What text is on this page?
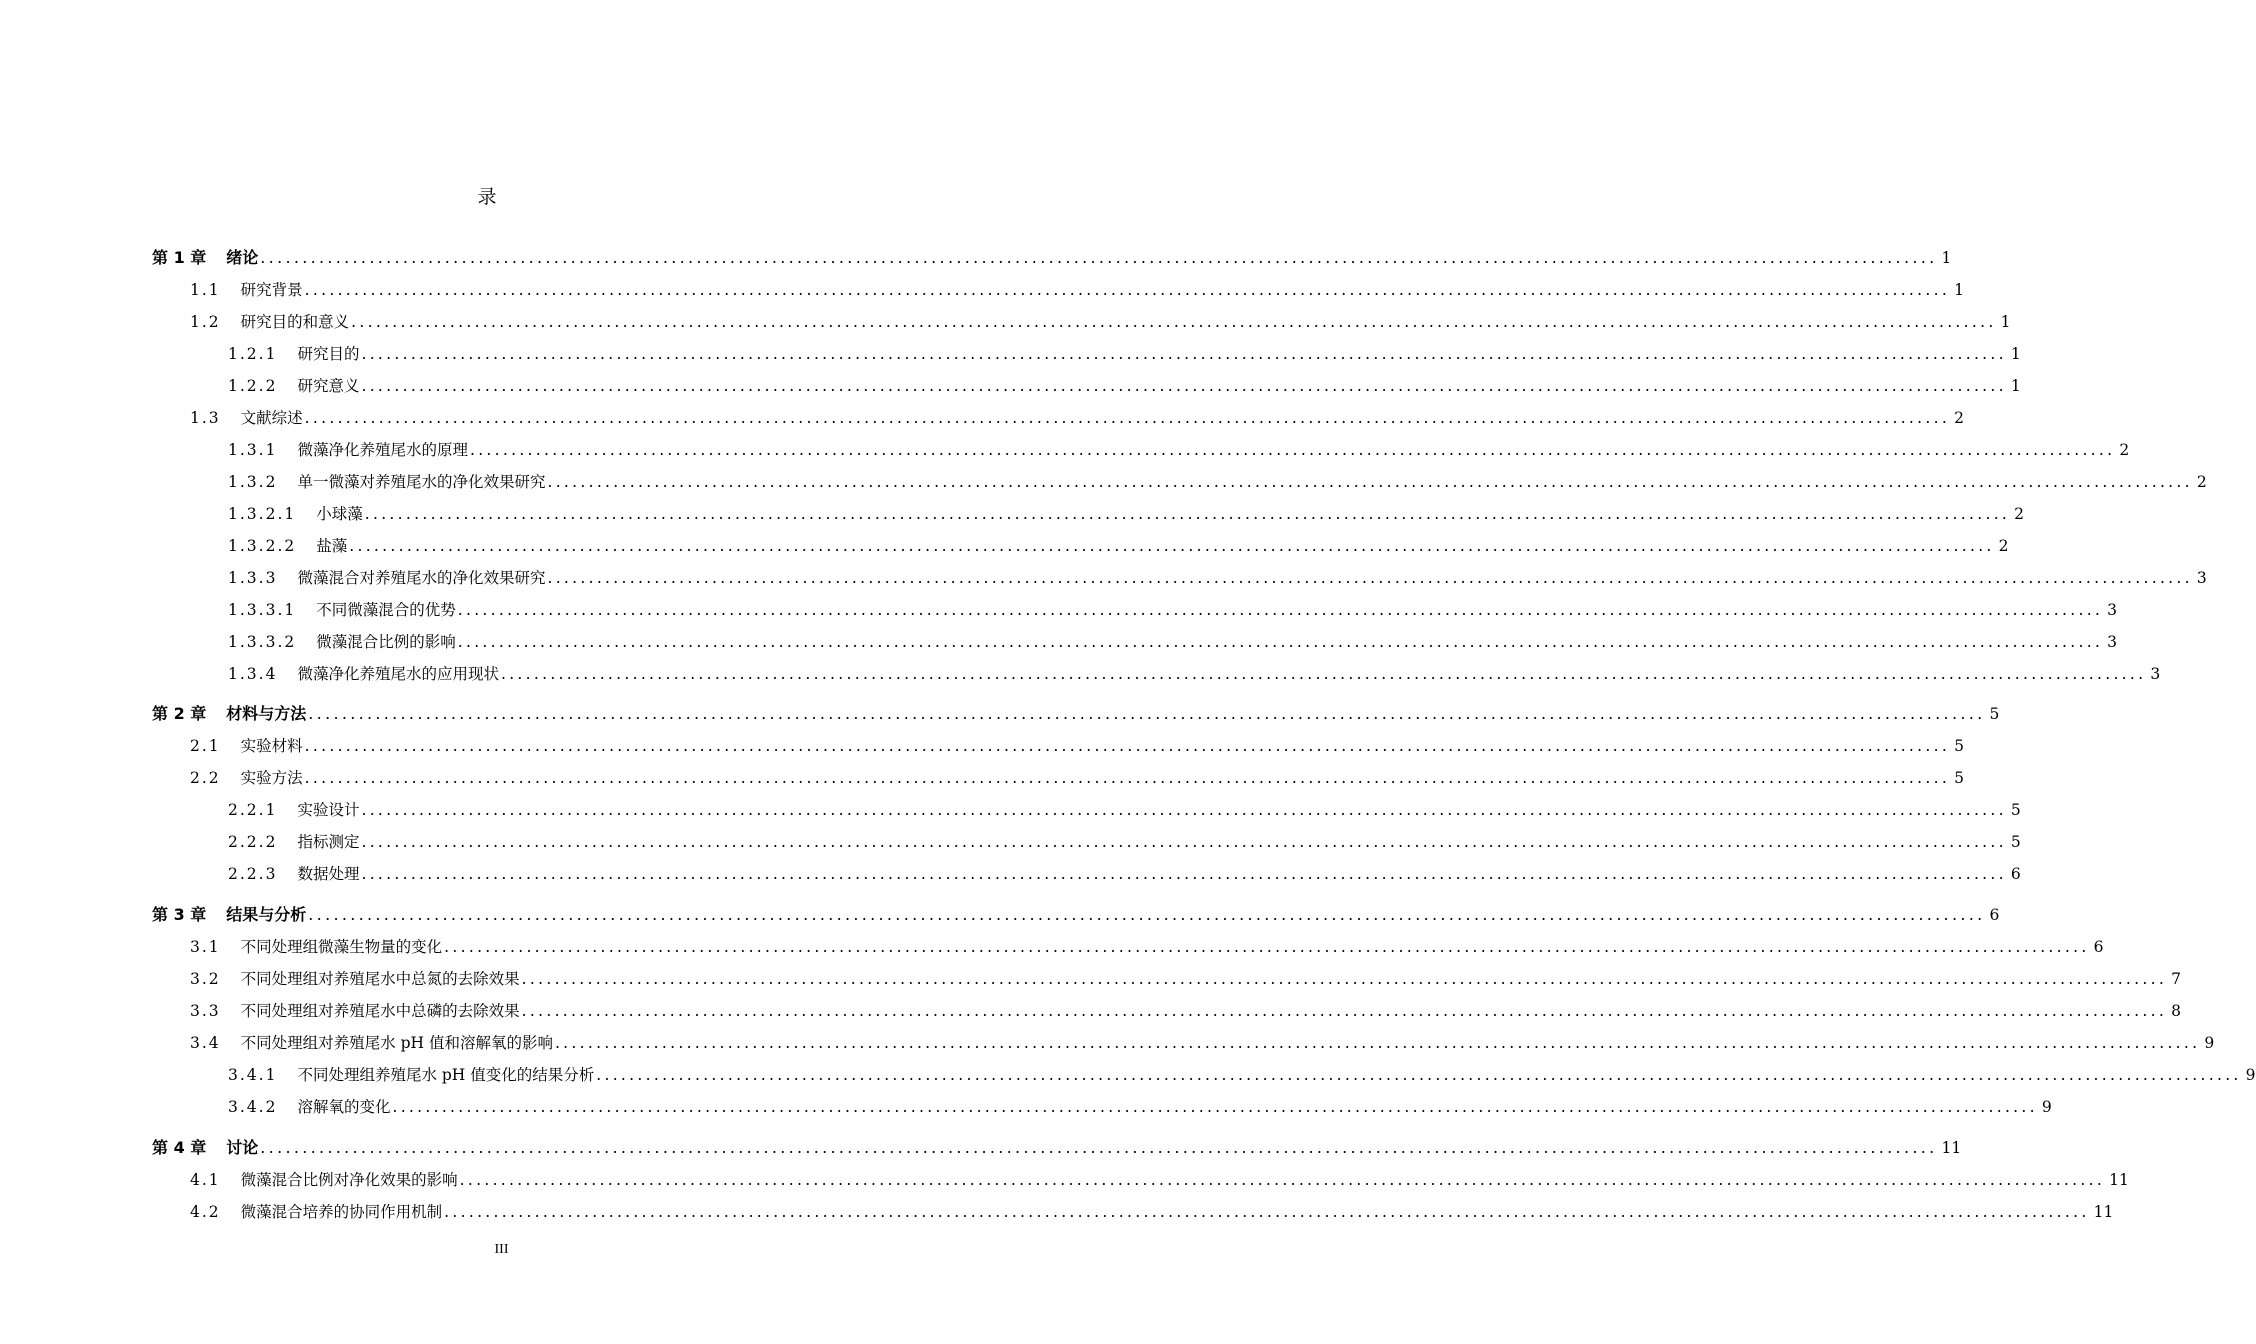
录
第 1 章 绪论 ........................................................................................................................................................................................................ 1
1.1 研究背景 ........................................................................................................................................................................................................ 1
1.2 研究目的和意义 ........................................................................................................................................................................................................ 1
1.2.1 研究目的 ........................................................................................................................................................................................................ 1
1.2.2 研究意义 ........................................................................................................................................................................................................ 1
1.3 文献综述 ........................................................................................................................................................................................................ 2
1.3.1 微藻净化养殖尾水的原理 ........................................................................................................................................................................................................ 2
1.3.2 单一微藻对养殖尾水的净化效果研究 ........................................................................................................................................................................................................ 2
1.3.2.1 小球藻 ........................................................................................................................................................................................................ 2
1.3.2.2 盐藻 ........................................................................................................................................................................................................ 2
1.3.3 微藻混合对养殖尾水的净化效果研究 ........................................................................................................................................................................................................ 3
1.3.3.1 不同微藻混合的优势 ........................................................................................................................................................................................................ 3
1.3.3.2 微藻混合比例的影响 ........................................................................................................................................................................................................ 3
1.3.4 微藻净化养殖尾水的应用现状 ........................................................................................................................................................................................................ 3
第 2 章 材料与方法 ........................................................................................................................................................................................................ 5
2.1 实验材料 ........................................................................................................................................................................................................ 5
2.2 实验方法 ........................................................................................................................................................................................................ 5
2.2.1 实验设计 ........................................................................................................................................................................................................ 5
2.2.2 指标测定 ........................................................................................................................................................................................................ 5
2.2.3 数据处理 ........................................................................................................................................................................................................ 6
第 3 章 结果与分析 ........................................................................................................................................................................................................ 6
3.1 不同处理组微藻生物量的变化 ........................................................................................................................................................................................................ 6
3.2 不同处理组对养殖尾水中总氮的去除效果 ........................................................................................................................................................................................................ 7
3.3 不同处理组对养殖尾水中总磷的去除效果 ........................................................................................................................................................................................................ 8
3.4 不同处理组对养殖尾水 pH 值和溶解氧的影响 ........................................................................................................................................................................................................ 9
3.4.1 不同处理组养殖尾水 pH 值变化的结果分析 ........................................................................................................................................................................................................ 9
3.4.2 溶解氧的变化 ........................................................................................................................................................................................................ 9
第 4 章 讨论 ........................................................................................................................................................................................................ 11
4.1 微藻混合比例对净化效果的影响 ........................................................................................................................................................................................................ 11
4.2 微藻混合培养的协同作用机制 ........................................................................................................................................................................................................ 11
III
